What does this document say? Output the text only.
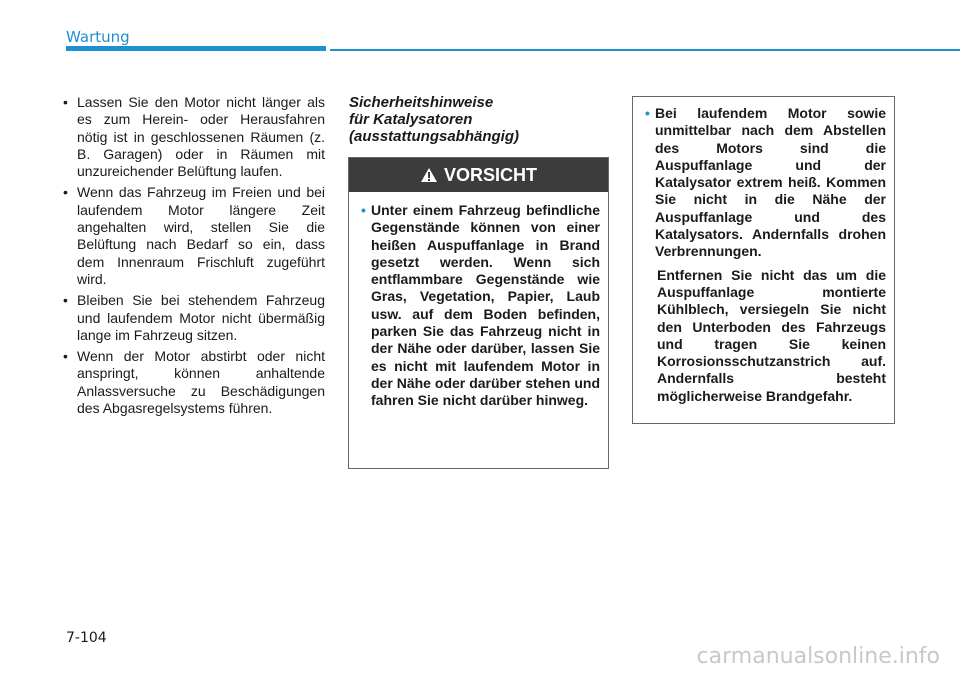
Wartung
• Lassen Sie den Motor nicht länger als es zum Herein- oder Herausfahren nötig ist in geschlossenen Räumen (z. B. Garagen) oder in Räumen mit unzureichender Belüftung laufen.
• Wenn das Fahrzeug im Freien und bei laufendem Motor längere Zeit angehalten wird, stellen Sie die Belüftung nach Bedarf so ein, dass dem Innenraum Frischluft zugeführt wird.
• Bleiben Sie bei stehendem Fahrzeug und laufendem Motor nicht übermäßig lange im Fahrzeug sitzen.
• Wenn der Motor abstirbt oder nicht anspringt, können anhaltende Anlassversuche zu Beschädigungen des Abgasregelsystems führen.
Sicherheitshinweise
für Katalysatoren
(ausstattungsabhängig)
VORSICHT
• Unter einem Fahrzeug befindliche Gegenstände können von einer heißen Auspuffanlage in Brand gesetzt werden. Wenn sich entflammbare Gegenstände wie Gras, Vegetation, Papier, Laub usw. auf dem Boden befinden, parken Sie das Fahrzeug nicht in der Nähe oder darüber, lassen Sie es nicht mit laufendem Motor in der Nähe oder darüber stehen und fahren Sie nicht darüber hinweg.
• Bei laufendem Motor sowie unmittelbar nach dem Abstellen des Motors sind die Auspuffanlage und der Katalysator extrem heiß. Kommen Sie nicht in die Nähe der Auspuffanlage und des Katalysators. Andernfalls drohen Verbrennungen.
Entfernen Sie nicht das um die Auspuffanlage montierte Kühlblech, versiegeln Sie nicht den Unterboden des Fahrzeugs und tragen Sie keinen Korrosionsschutzanstrich auf. Andernfalls besteht möglicherweise Brandgefahr.
7-104
carmanualsonline.info
